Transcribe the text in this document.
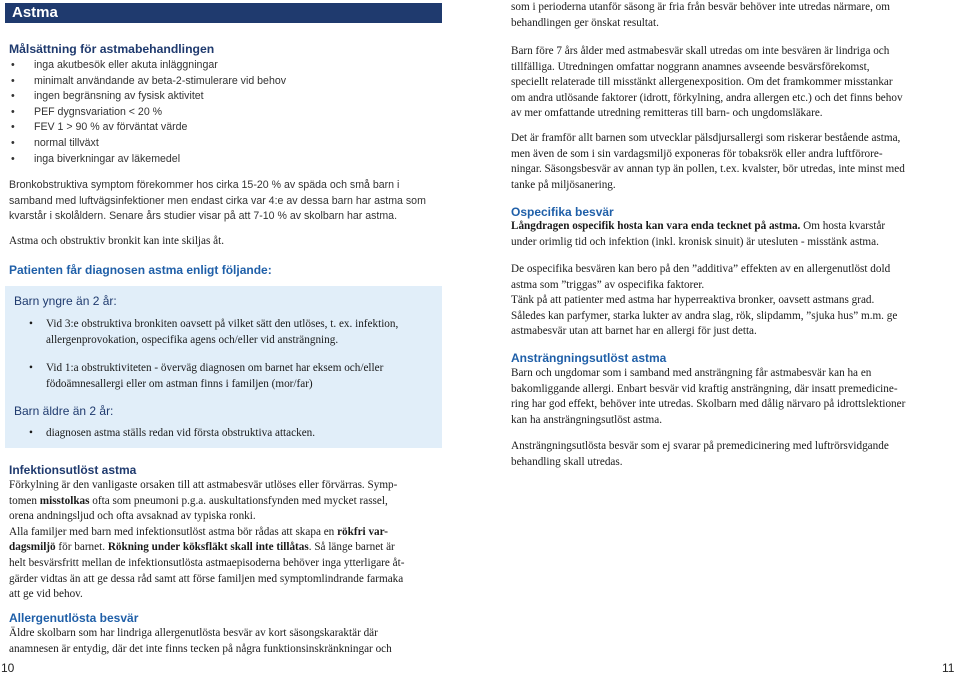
Astma
Målsättning för astmabehandlingen
• inga akutbesök eller akuta inläggningar
• minimalt användande av beta-2-stimulerare vid behov
• ingen begränsning av fysisk aktivitet
• PEF dygnsvariation < 20 %
• FEV 1 > 90 % av förväntat värde
• normal tillväxt
• inga biverkningar av läkemedel

Bronkobstruktiva symptom förekommer hos cirka 15-20 % av späda och små barn i

samband med luftvägsinfektioner men endast cirka var 4:e av dessa barn har astma som

kvarstår i skolåldern. Senare års studier visar på att 7-10 % av skolbarn har astma.

Astma och obstruktiv bronkit kan inte skiljas åt.
Patienten får diagnosen astma enligt följande:
Barn yngre än 2 år:
• Vid 3:e obstruktiva bronkiten oavsett på vilket sätt den utlöses, t. ex. infektion,
allergenprovokation, ospecifika agens och/eller vid ansträngning.
• Vid 1:a obstruktiviteten - överväg diagnosen om barnet har eksem och/eller
födoämnesallergi eller om astman finns i familjen (mor/far)
Barn äldre än 2 år:
• diagnosen astma ställs redan vid första obstruktiva attacken.
Infektionsutlöst astma

Förkylning är den vanligaste orsaken till att astmabesvär utlöses eller förvärras. Symp-

tomen misstolkas ofta som pneumoni p.g.a. auskultationsfynden med mycket rassel,

orena andningsljud och ofta avsaknad av typiska ronki.

Alla familjer med barn med infektionsutlöst astma bör rådas att skapa en rökfri var-

dagsmiljö för barnet. Rökning under köksfläkt skall inte tillåtas. Så länge barnet är

helt besvärsfritt mellan de infektionsutlösta astmaepisoderna behöver inga ytterligare åt-

gärder vidtas än att ge dessa råd samt att förse familjen med symptomlindrande farmaka

att ge vid behov.

Allergenutlösta besvär

Äldre skolbarn som har lindriga allergenutlösta besvär av kort säsongskaraktär där

anamnesen är entydig, där det inte finns tecken på några funktionsinskränkningar och

10

som i perioderna utanför säsong är fria från besvär behöver inte utredas närmare, om

behandlingen ger önskat resultat.

Barn före 7 års ålder med astmabesvär skall utredas om inte besvären är lindriga och

tillfälliga. Utredningen omfattar noggrann anamnes avseende besvärsförekomst,

speciellt relaterade till misstänkt allergenexposition. Om det framkommer misstankar

om andra utlösande faktorer (idrott, förkylning, andra allergen etc.) och det finns behov

av mer omfattande utredning remitteras till barn- och ungdomsläkare.

Det är framför allt barnen som utvecklar pälsdjursallergi som riskerar bestående astma,

men även de som i sin vardagsmiljö exponeras för tobaksrök eller andra luftförore-

ningar. Säsongsbesvär av annan typ än pollen, t.ex. kvalster, bör utredas, inte minst med

tanke på miljösanering.

Ospecifika besvär

Långdragen ospecifik hosta kan vara enda tecknet på astma. Om hosta kvarstår

under orimlig tid och infektion (inkl. kronisk sinuit) är utesluten - misstänk astma.

De ospecifika besvären kan bero på den ”additiva” effekten av en allergenutlöst dold

astma som ”triggas” av ospecifika faktorer.

Tänk på att patienter med astma har hyperreaktiva bronker, oavsett astmans grad.

Således kan parfymer, starka lukter av andra slag, rök, slipdamm, ”sjuka hus” m.m. ge

astmabesvär utan att barnet har en allergi för just detta.

Ansträngningsutlöst astma

Barn och ungdomar som i samband med ansträngning får astmabesvär kan ha en

bakomliggande allergi. Enbart besvär vid kraftig ansträngning, där insatt premedicine-

ring har god effekt, behöver inte utredas. Skolbarn med dålig närvaro på idrottslektioner

kan ha ansträngningsutlöst astma.

Ansträngningsutlösta besvär som ej svarar på premedicinering med luftrörsvidgande

behandling skall utredas.

11
